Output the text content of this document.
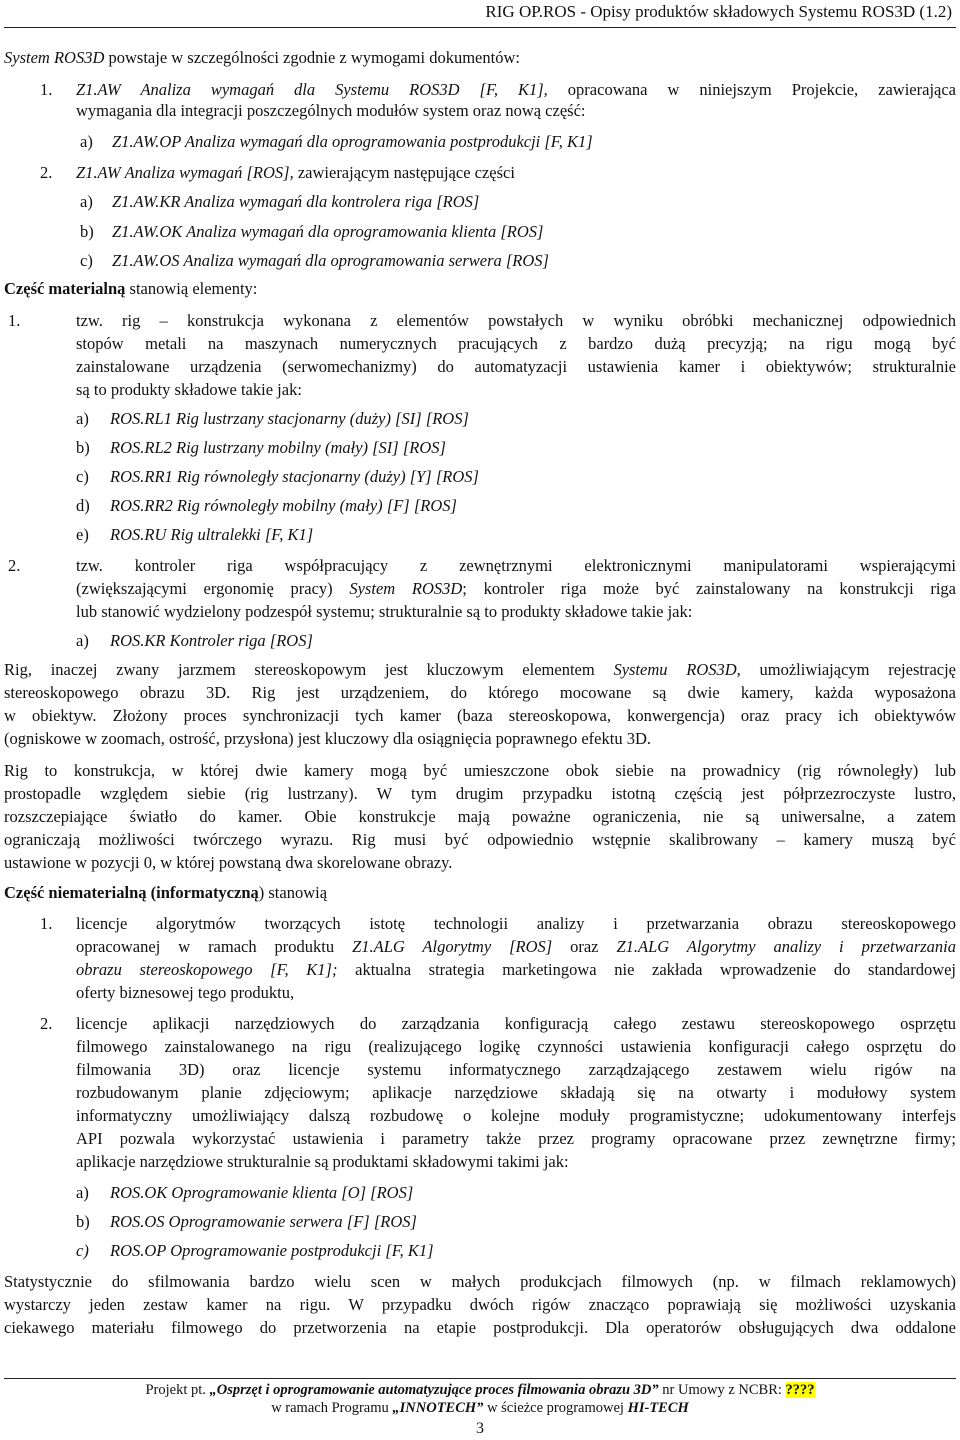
RIG OP.ROS - Opisy produktów składowych Systemu ROS3D (1.2)
System ROS3D powstaje w szczególności zgodnie z wymogami dokumentów:
1. Z1.AW Analiza wymagań dla Systemu ROS3D [F, K1], opracowana w niniejszym Projekcie, zawierająca
wymagania dla integracji poszczególnych modułów system oraz nową część:
a) Z1.AW.OP Analiza wymagań dla oprogramowania postprodukcji [F, K1]
2. Z1.AW Analiza wymagań [ROS], zawierającym następujące części
a) Z1.AW.KR Analiza wymagań dla kontrolera riga [ROS]
b) Z1.AW.OK Analiza wymagań dla oprogramowania klienta [ROS]
c) Z1.AW.OS Analiza wymagań dla oprogramowania serwera [ROS]
Część materialną stanowią elementy:
1.	tzw. rig – konstrukcja wykonana z elementów powstałych w wyniku obróbki mechanicznej odpowiednich
stopów metali na maszynach numerycznych pracujących z bardzo dużą precyzją; na rigu mogą być
zainstalowane urządzenia (serwomechanizmy) do automatyzacji ustawienia kamer i obiektywów; strukturalnie
są to produkty składowe takie jak:
a) ROS.RL1 Rig lustrzany stacjonarny (duży) [SI] [ROS]
b) ROS.RL2 Rig lustrzany mobilny (mały) [SI] [ROS]
c) ROS.RR1 Rig równoległy stacjonarny (duży) [Y] [ROS]
d) ROS.RR2 Rig równoległy mobilny (mały) [F] [ROS]
e) ROS.RU Rig ultralekki [F, K1]
2.	tzw. kontroler riga współpracujący z zewnętrznymi elektronicznymi manipulatorami wspierającymi
(zwiększającymi ergonomię pracy) System ROS3D; kontroler riga może być zainstalowany na konstrukcji riga
lub stanowić wydzielony podzespół systemu; strukturalnie są to produkty składowe takie jak:
a) ROS.KR Kontroler riga [ROS]
Rig, inaczej zwany jarzmem stereoskopowym jest kluczowym elementem Systemu ROS3D, umożliwiającym rejestrację
stereoskopowego obrazu 3D. Rig jest urządzeniem, do którego mocowane są dwie kamery, każda wyposażona
w obiektyw. Złożony proces synchronizacji tych kamer (baza stereoskopowa, konwergencja) oraz pracy ich obiektywów
(ogniskowe w zoomach, ostrość, przysłona) jest kluczowy dla osiągnięcia poprawnego efektu 3D.
Rig to konstrukcja, w której dwie kamery mogą być umieszczone obok siebie na prowadnicy (rig równoległy) lub
prostopadle względem siebie (rig lustrzany). W tym drugim przypadku istotną częścią jest półprzezroczyste lustro,
rozszczepiające światło do kamer. Obie konstrukcje mają poważne ograniczenia, nie są uniwersalne, a zatem
ograniczają możliwości twórczego wyrazu. Rig musi być odpowiednio wstępnie skalibrowany – kamery muszą być
ustawione w pozycji 0, w której powstaną dwa skorelowane obrazy.
Część niematerialną (informatyczną) stanowią
1. licencje algorytmów tworzących istotę technologii analizy i przetwarzania obrazu stereoskopowego
opracowanej w ramach produktu Z1.ALG Algorytmy [ROS] oraz Z1.ALG Algorytmy analizy i przetwarzania
obrazu stereoskopowego [F, K1]; aktualna strategia marketingowa nie zakłada wprowadzenie do standardowej
oferty biznesowej tego produktu,
2. licencje aplikacji narzędziowych do zarządzania konfiguracją całego zestawu stereoskopowego osprzętu
filmowego zainstalowanego na rigu (realizującego logikę czynności ustawienia konfiguracji całego osprzętu do
filmowania 3D) oraz licencje systemu informatycznego zarządzającego zestawem wielu rigów na
rozbudowanym planie zdjęciowym; aplikacje narzędziowe składają się na otwarty i modułowy system
informatyczny umożliwiający dalszą rozbudowę o kolejne moduły programistyczne; udokumentowany interfejs
API pozwala wykorzystać ustawienia i parametry także przez programy opracowane przez zewnętrzne firmy;
aplikacje narzędziowe strukturalnie są produktami składowymi takimi jak:
a) ROS.OK Oprogramowanie klienta [O] [ROS]
b) ROS.OS Oprogramowanie serwera [F] [ROS]
c) ROS.OP Oprogramowanie postprodukcji [F, K1]
Statystycznie do sfilmowania bardzo wielu scen w małych produkcjach filmowych (np. w filmach reklamowych)
wystarczy jeden zestaw kamer na rigu. W przypadku dwóch rigów znacząco poprawiają się możliwości uzyskania
ciekawego materiału filmowego do przetworzenia na etapie postprodukcji. Dla operatorów obsługujących dwa oddalone
Projekt pt. „Osprzęt i oprogramowanie automatyzujące proces filmowania obrazu 3D” nr Umowy z NCBR: ????
w ramach Programu „INNOTECH” w ścieżce programowej HI-TECH
3
